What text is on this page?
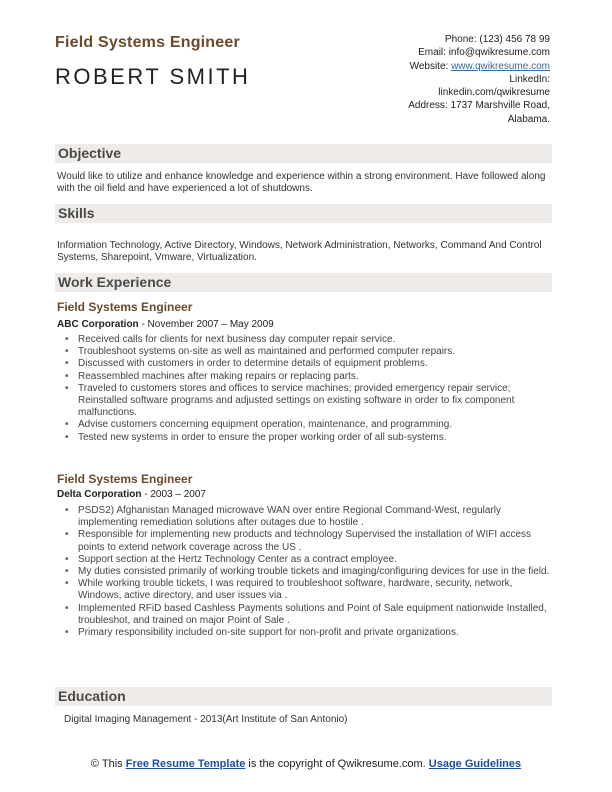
Field Systems Engineer
ROBERT SMITH
Phone: (123) 456 78 99
Email: info@qwikresume.com
Website: www.qwikresume.com
LinkedIn:
linkedin.com/qwikresume
Address: 1737 Marshville Road,
Alabama.
Objective
Would like to utilize and enhance knowledge and experience within a strong environment. Have followed along with the oil field and have experienced a lot of shutdowns.
Skills
Information Technology, Active Directory, Windows, Network Administration, Networks, Command And Control Systems, Sharepoint, Vmware, Virtualization.
Work Experience
Field Systems Engineer
ABC Corporation - November 2007 – May 2009
• Received calls for clients for next business day computer repair service.
• Troubleshoot systems on-site as well as maintained and performed computer repairs.
• Discussed with customers in order to determine details of equipment problems.
• Reassembled machines after making repairs or replacing parts.
• Traveled to customers stores and offices to service machines; provided emergency repair service; Reinstalled software programs and adjusted settings on existing software in order to fix component malfunctions.
• Advise customers concerning equipment operation, maintenance, and programming.
• Tested new systems in order to ensure the proper working order of all sub-systems.
Field Systems Engineer
Delta Corporation - 2003 – 2007
• PSDS2) Afghanistan Managed microwave WAN over entire Regional Command-West, regularly implementing remediation solutions after outages due to hostile .
• Responsible for implementing new products and technology Supervised the installation of WIFI access points to extend network coverage across the US .
• Support section at the Hertz Technology Center as a contract employee.
• My duties consisted primarily of working trouble tickets and imaging/configuring devices for use in the field.
• While working trouble tickets, I was required to troubleshoot software, hardware, security, network, Windows, active directory, and user issues via .
• Implemented RFiD based Cashless Payments solutions and Point of Sale equipment nationwide Installed, troubleshot, and trained on major Point of Sale .
• Primary responsibility included on-site support for non-profit and private organizations.
Education
Digital Imaging Management - 2013(Art Institute of San Antonio)
© This Free Resume Template is the copyright of Qwikresume.com. Usage Guidelines
